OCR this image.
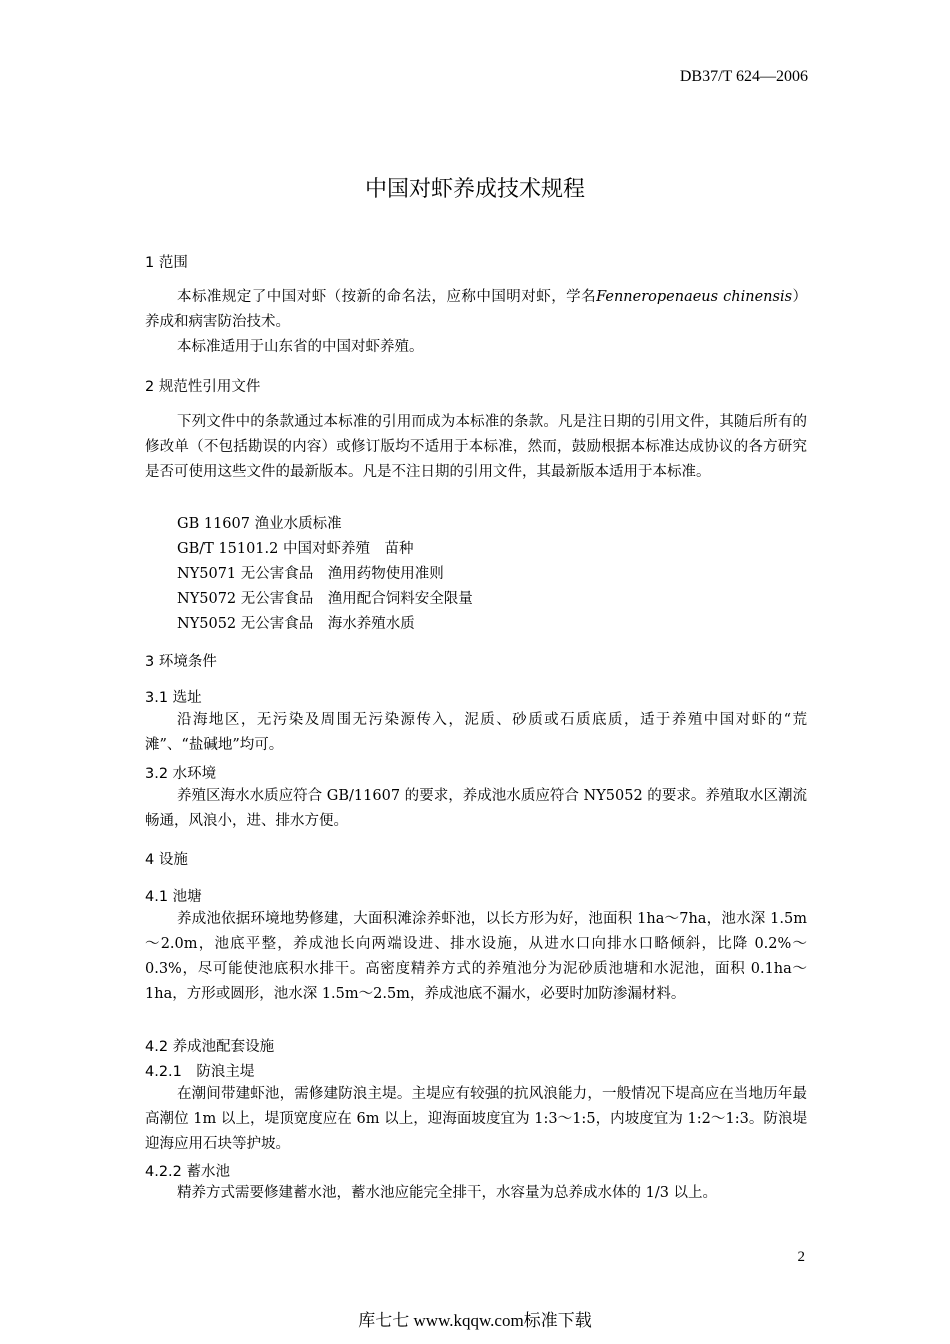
DB37/T 624—2006
中国对虾养成技术规程
1 范围
本标准规定了中国对虾（按新的命名法，应称中国明对虾，学名Fenneropenaeus chinensis）养成和病害防治技术。
本标准适用于山东省的中国对虾养殖。
2 规范性引用文件
下列文件中的条款通过本标准的引用而成为本标准的条款。凡是注日期的引用文件，其随后所有的修改单（不包括勘误的内容）或修订版均不适用于本标准，然而，鼓励根据本标准达成协议的各方研究是否可使用这些文件的最新版本。凡是不注日期的引用文件，其最新版本适用于本标准。
GB 11607 渔业水质标准
GB/T 15101.2 中国对虾养殖　苗种
NY5071 无公害食品　渔用药物使用准则
NY5072 无公害食品　渔用配合饲料安全限量
NY5052 无公害食品　海水养殖水质
3 环境条件
3.1 选址
沿海地区，无污染及周围无污染源传入，泥质、砂质或石质底质，适于养殖中国对虾的“荒滩”、“盐碱地”均可。
3.2 水环境
养殖区海水水质应符合 GB/11607 的要求，养成池水质应符合 NY5052 的要求。养殖取水区潮流畅通，风浪小，进、排水方便。
4 设施
4.1 池塘
养成池依据环境地势修建，大面积滩涂养虾池，以长方形为好，池面积 1ha～7ha，池水深 1.5m～2.0m，池底平整，养成池长向两端设进、排水设施，从进水口向排水口略倾斜，比降 0.2%～0.3%，尽可能使池底积水排干。高密度精养方式的养殖池分为泥砂质池塘和水泥池，面积 0.1ha～1ha，方形或圆形，池水深 1.5m～2.5m，养成池底不漏水，必要时加防渗漏材料。
4.2 养成池配套设施
4.2.1　防浪主堤
在潮间带建虾池，需修建防浪主堤。主堤应有较强的抗风浪能力，一般情况下堤高应在当地历年最高潮位 1m 以上，堤顶宽度应在 6m 以上，迎海面坡度宜为 1:3～1:5，内坡度宜为 1:2～1:3。防浪堤迎海应用石块等护坡。
4.2.2 蓄水池
精养方式需要修建蓄水池，蓄水池应能完全排干，水容量为总养成水体的 1/3 以上。
2
库七七 www.kqqw.com标准下载
